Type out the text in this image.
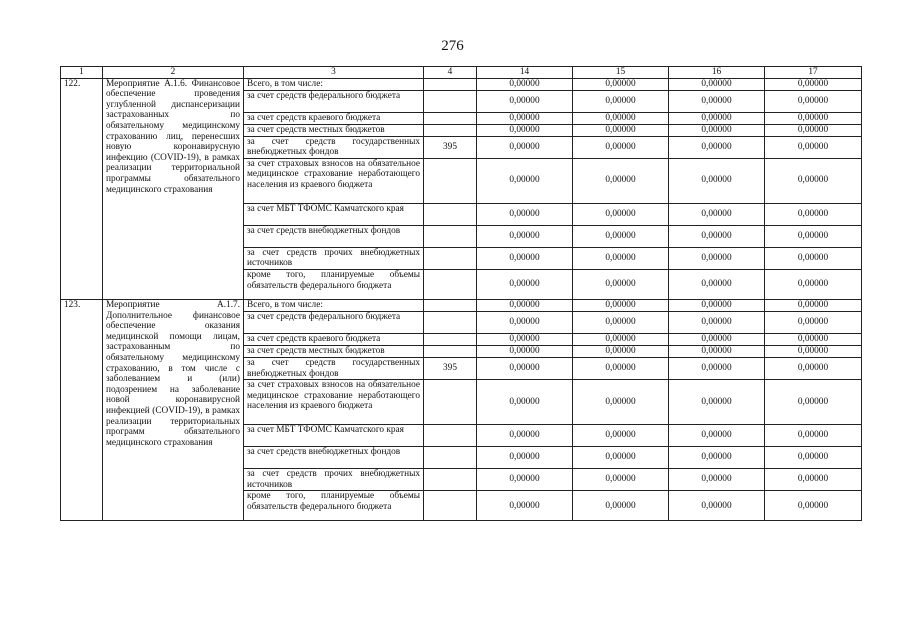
276
1	2	3	4	14	15	16	17
122.	Мероприятие А.1.6. Финансовое обеспечение проведения углубленной диспансеризации застрахованных по обязательному медицинскому страхованию лиц, перенесших новую коронавирусную инфекцию (COVID-19), в рамках реализации территориальной программы обязательного медицинского страхования	Всего, в том числе:		0,00000	0,00000	0,00000	0,00000
		за счет средств федерального бюджета		0,00000	0,00000	0,00000	0,00000
		за счет средств краевого бюджета		0,00000	0,00000	0,00000	0,00000
		за счет средств местных бюджетов		0,00000	0,00000	0,00000	0,00000
		за счет средств государственных внебюджетных фондов	395	0,00000	0,00000	0,00000	0,00000
		за счет страховых взносов на обязательное медицинское страхование неработающего населения из краевого бюджета		0,00000	0,00000	0,00000	0,00000
		за счет МБТ ТФОМС Камчатского края		0,00000	0,00000	0,00000	0,00000
		за счет средств внебюджетных фондов		0,00000	0,00000	0,00000	0,00000
		за счет средств прочих внебюджетных источников		0,00000	0,00000	0,00000	0,00000
		кроме того, планируемые объемы обязательств федерального бюджета		0,00000	0,00000	0,00000	0,00000
123.	Мероприятие А.1.7. Дополнительное финансовое обеспечение оказания медицинской помощи лицам, застрахованным по обязательному медицинскому страхованию, в том числе с заболеванием и (или) подозрением на заболевание новой коронавирусной инфекцией (COVID-19), в рамках реализации территориальных программ обязательного медицинского страхования	Всего, в том числе:		0,00000	0,00000	0,00000	0,00000
		за счет средств федерального бюджета		0,00000	0,00000	0,00000	0,00000
		за счет средств краевого бюджета		0,00000	0,00000	0,00000	0,00000
		за счет средств местных бюджетов		0,00000	0,00000	0,00000	0,00000
		за счет средств государственных внебюджетных фондов	395	0,00000	0,00000	0,00000	0,00000
		за счет страховых взносов на обязательное медицинское страхование неработающего населения из краевого бюджета		0,00000	0,00000	0,00000	0,00000
		за счет МБТ ТФОМС Камчатского края		0,00000	0,00000	0,00000	0,00000
		за счет средств внебюджетных фондов		0,00000	0,00000	0,00000	0,00000
		за счет средств прочих внебюджетных источников		0,00000	0,00000	0,00000	0,00000
		кроме того, планируемые объемы обязательств федерального бюджета		0,00000	0,00000	0,00000	0,00000
